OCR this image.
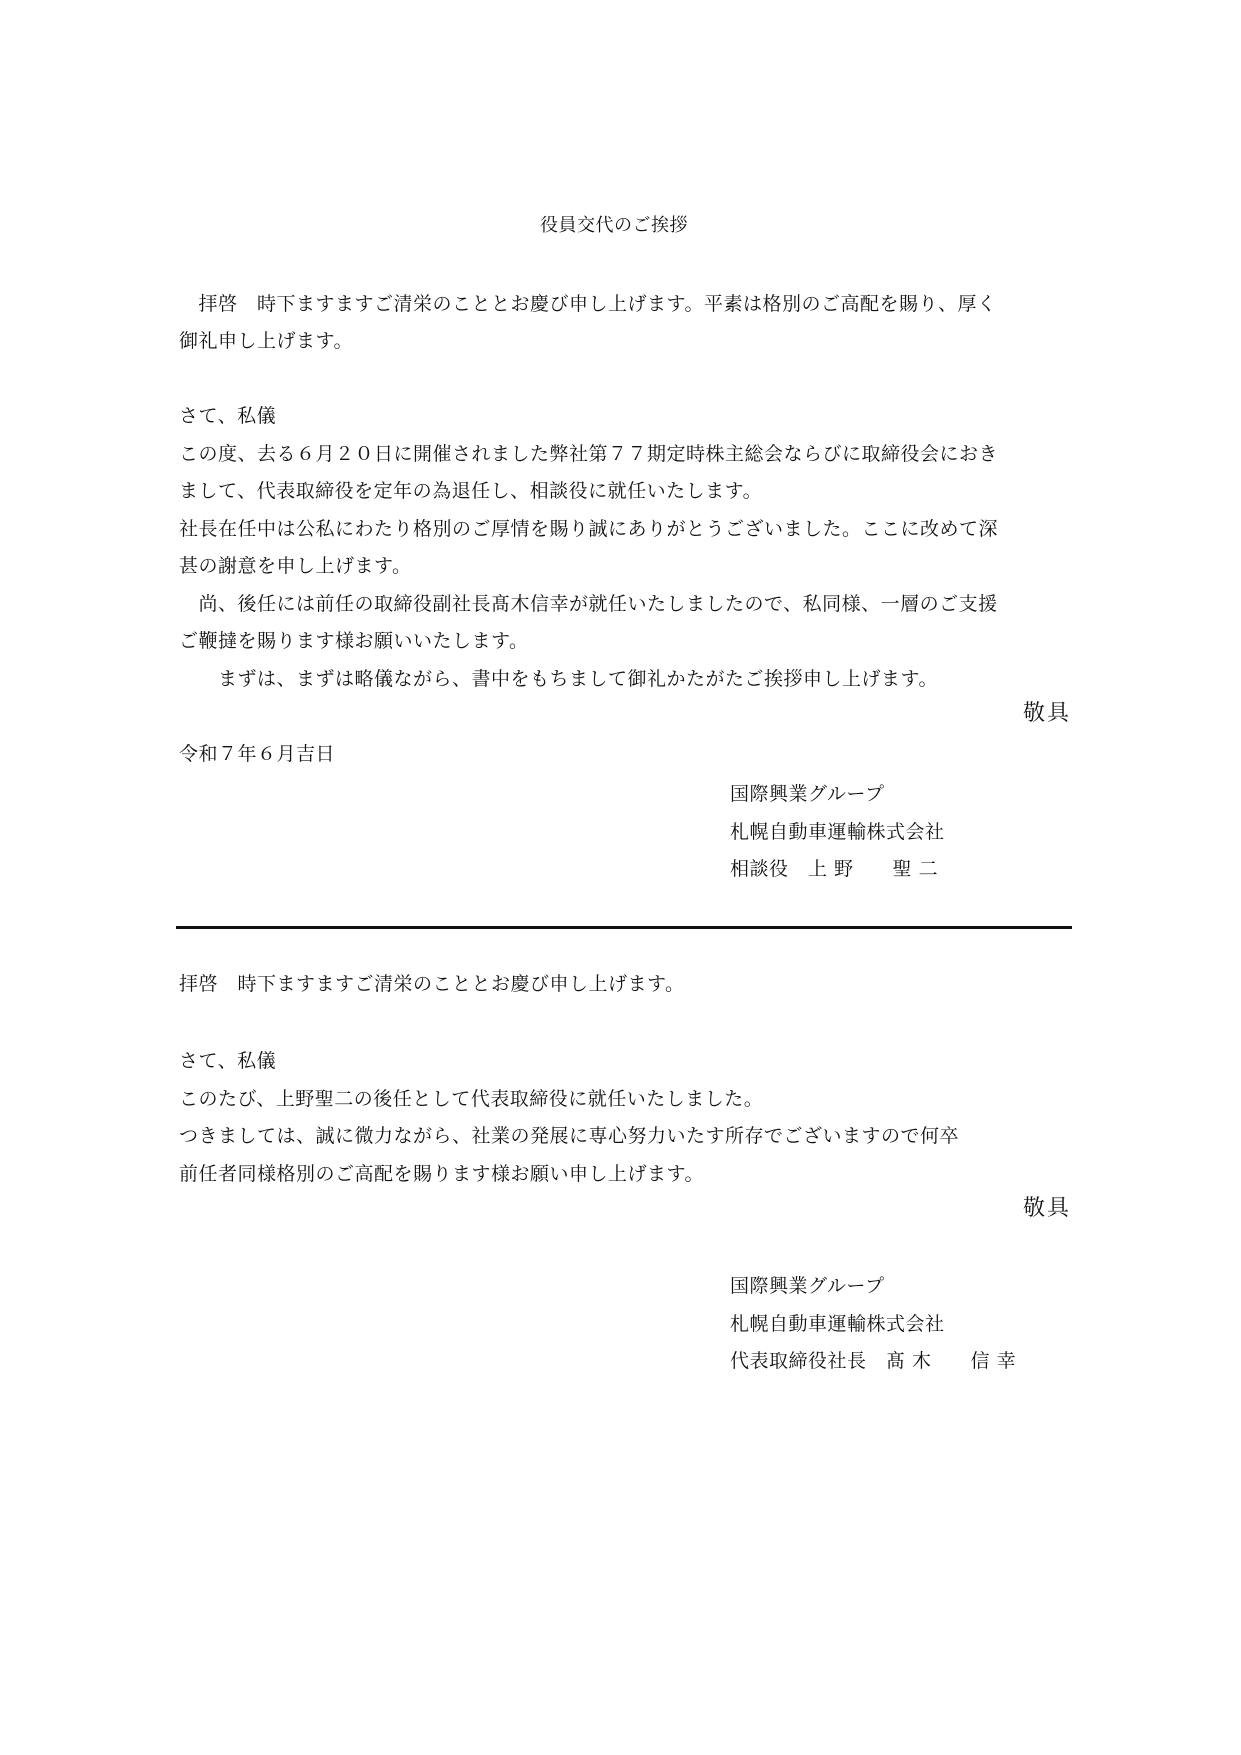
役員交代のご挨拶
　拝啓　時下ますますご清栄のこととお慶び申し上げます。平素は格別のご高配を賜り、厚く
御礼申し上げます。
さて、私儀
この度、去る６月２０日に開催されました弊社第７７期定時株主総会ならびに取締役会におき
まして、代表取締役を定年の為退任し、相談役に就任いたします。
社長在任中は公私にわたり格別のご厚情を賜り誠にありがとうございました。ここに改めて深
甚の謝意を申し上げます。
　尚、後任には前任の取締役副社長髙木信幸が就任いたしましたので、私同様、一層のご支援
ご鞭撻を賜ります様お願いいたします。
　　まずは、まずは略儀ながら、書中をもちまして御礼かたがたご挨拶申し上げます。
敬具
令和７年６月吉日
国際興業グループ
札幌自動車運輸株式会社
相談役　上 野　　聖 二
拝啓　時下ますますご清栄のこととお慶び申し上げます。
さて、私儀
このたび、上野聖二の後任として代表取締役に就任いたしました。
つきましては、誠に微力ながら、社業の発展に専心努力いたす所存でございますので何卒
前任者同様格別のご高配を賜ります様お願い申し上げます。
敬具
国際興業グループ
札幌自動車運輸株式会社
代表取締役社長　髙 木　　信 幸
